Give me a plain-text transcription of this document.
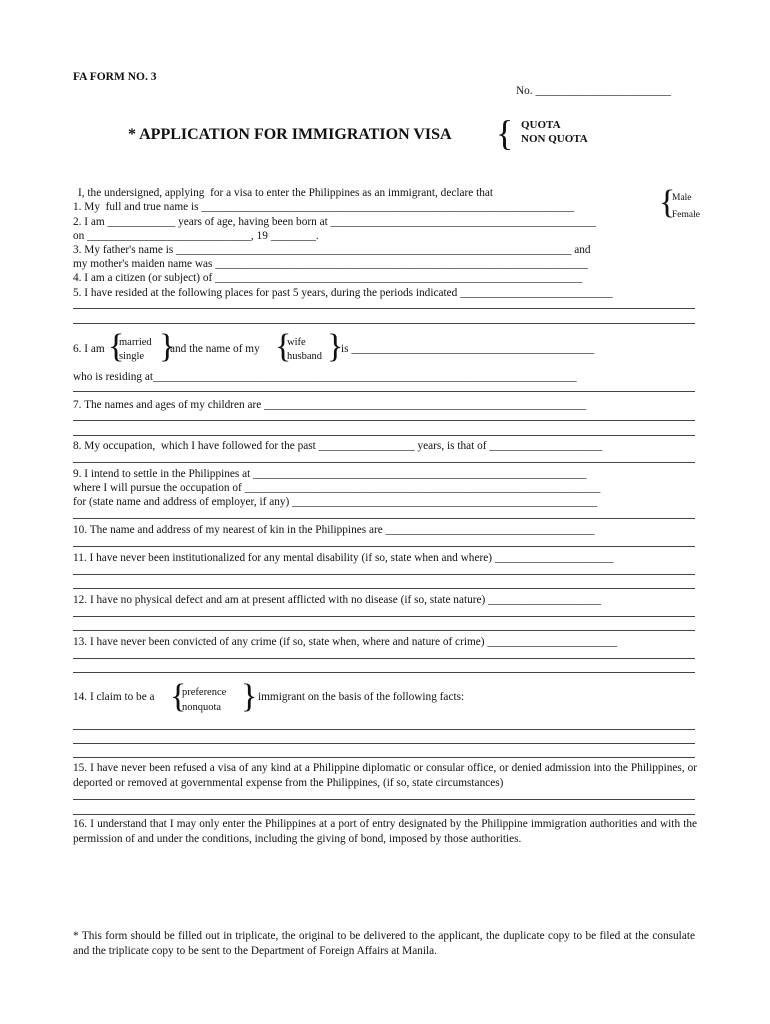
FA FORM NO. 3
No. ________________________
* APPLICATION FOR IMMIGRATION VISA { QUOTA
NON QUOTA
I, the undersigned, applying  for a visa to enter the Philippines as an immigrant, declare that	{
Male
Female
1. My  full and true name is __________________________________________________________________
2. I am ____________ years of age, having been born at _______________________________________________
on _____________________________, 19 ________.
3. My father's name is ______________________________________________________________________ and
my mother's maiden name was __________________________________________________________________
4. I am a citizen (or subject) of _________________________________________________________________
5. I have resided at the following places for past 5 years, during the periods indicated ___________________________
6. I am {
married
single }
and the name of my {
wife
husband }
is ___________________________________________
who is residing at___________________________________________________________________________
7. The names and ages of my children are _________________________________________________________
8. My occupation,  which I have followed for the past _________________ years, is that of ____________________
9. I intend to settle in the Philippines at ___________________________________________________________
where I will pursue the occupation of _______________________________________________________________
for (state name and address of employer, if any) ______________________________________________________
10. The name and address of my nearest of kin in the Philippines are _____________________________________
11. I have never been institutionalized for any mental disability (if so, state when and where) _____________________
12. I have no physical defect and am at present afflicted with no disease (if so, state nature) ____________________
13. I have never been convicted of any crime (if so, state when, where and nature of crime) _______________________
14. I claim to be a {
preference
nonquota } immigrant on the basis of the following facts:
15. I have never been refused a visa of any kind at a Philippine diplomatic or consular office, or denied admission into the Philippines, or deported or removed at governmental expense from the Philippines, (if so, state circumstances)
16. I understand that I may only enter the Philippines at a port of entry designated by the Philippine immigration authorities and with the permission of and under the conditions, including the giving of bond, imposed by those authorities.
* This form should be filled out in triplicate, the original to be delivered to the applicant, the duplicate copy to be filed at the consulate and the triplicate copy to be sent to the Department of Foreign Affairs at Manila.
